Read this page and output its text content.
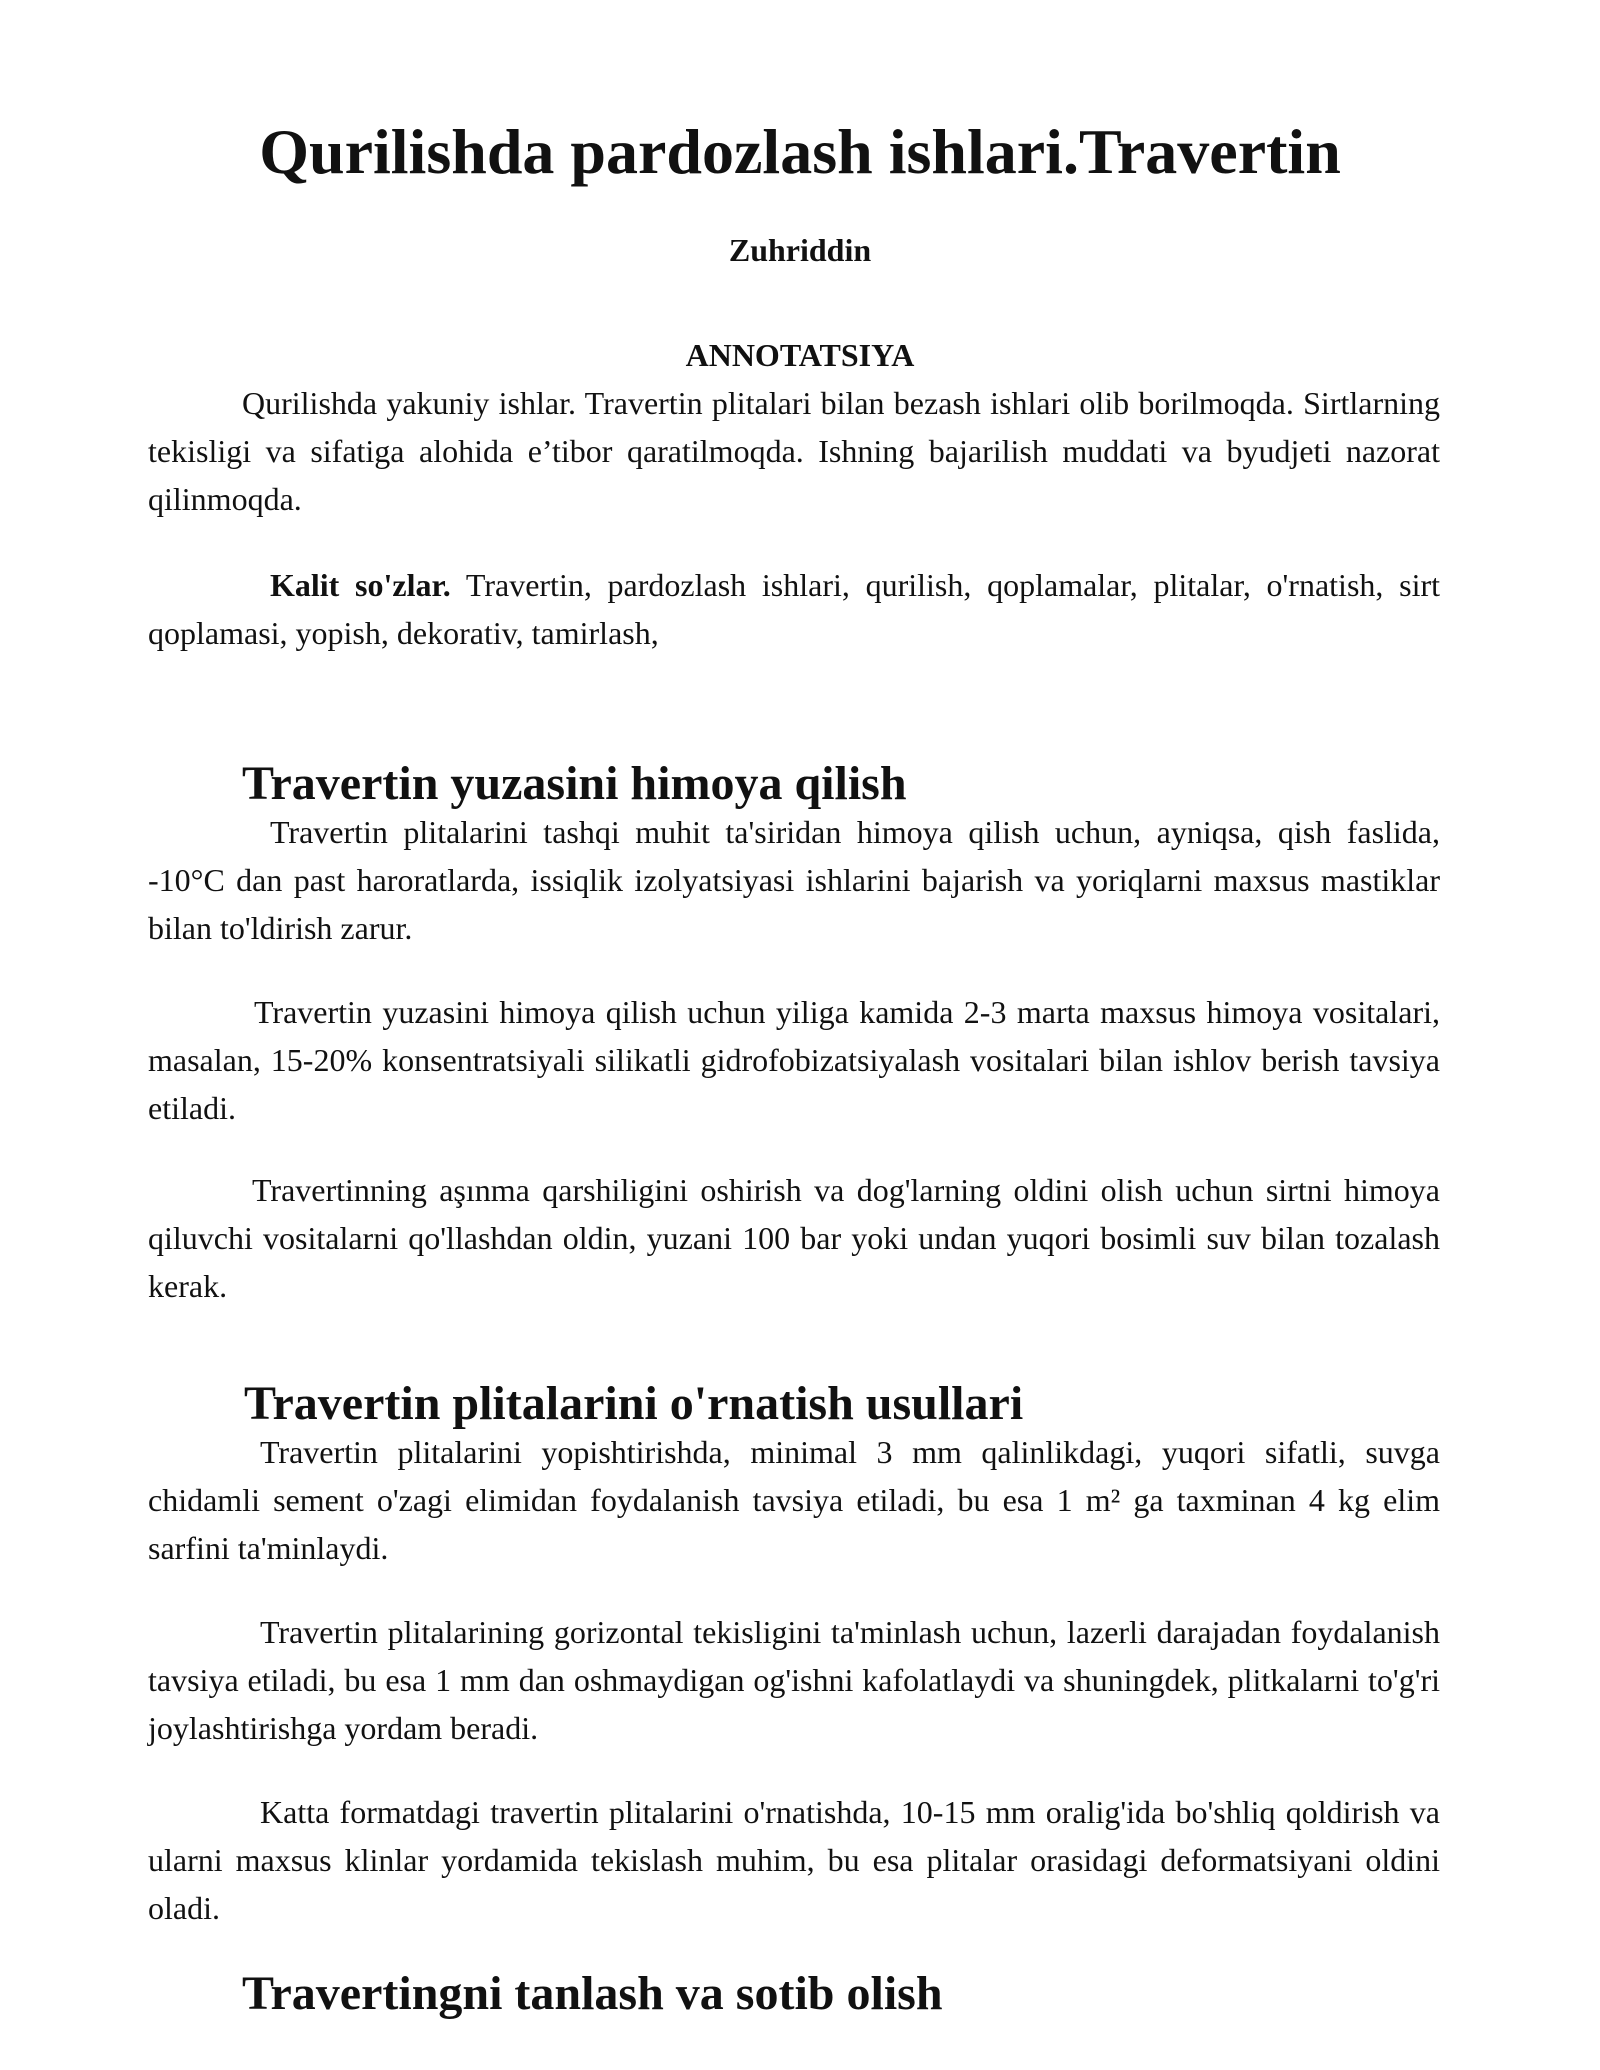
Qurilishda pardozlash ishlari.Travertin
Zuhriddin
ANNOTATSIYA

Qurilishda yakuniy ishlar. Travertin plitalari bilan bezash ishlari olib borilmoqda. Sirtlarning tekisligi va sifatiga alohida e’tibor qaratilmoqda. Ishning bajarilish muddati va byudjeti nazorat qilinmoqda.

Kalit so'zlar. Travertin, pardozlash ishlari, qurilish, qoplamalar, plitalar, o'rnatish, sirt qoplamasi, yopish, dekorativ, tamirlash,

Travertin yuzasini himoya qilish

Travertin plitalarini tashqi muhit ta'siridan himoya qilish uchun, ayniqsa, qish faslida, -10°C dan past haroratlarda, issiqlik izolyatsiyasi ishlarini bajarish va yoriqlarni maxsus mastiklar bilan to'ldirish zarur.

Travertin yuzasini himoya qilish uchun yiliga kamida 2-3 marta maxsus himoya vositalari, masalan, 15-20% konsentratsiyali silikatli gidrofobizatsiyalash vositalari bilan ishlov berish tavsiya etiladi.

Travertinning aşınma qarshiligini oshirish va dog'larning oldini olish uchun sirtni himoya qiluvchi vositalarni qo'llashdan oldin, yuzani 100 bar yoki undan yuqori bosimli suv bilan tozalash kerak.

Travertin plitalarini o'rnatish usullari

Travertin plitalarini yopishtirishda, minimal 3 mm qalinlikdagi, yuqori sifatli, suvga chidamli sement o'zagi elimidan foydalanish tavsiya etiladi, bu esa 1 m² ga taxminan 4 kg elim sarfini ta'minlaydi.

Travertin plitalarining gorizontal tekisligini ta'minlash uchun, lazerli darajadan foydalanish tavsiya etiladi, bu esa 1 mm dan oshmaydigan og'ishni kafolatlaydi va shuningdek, plitkalarni to'g'ri joylashtirishga yordam beradi.

Katta formatdagi travertin plitalarini o'rnatishda, 10-15 mm oralig'ida bo'shliq qoldirish va ularni maxsus klinlar yordamida tekislash muhim, bu esa plitalar orasidagi deformatsiyani oldini oladi.

Travertingni tanlash va sotib olish
